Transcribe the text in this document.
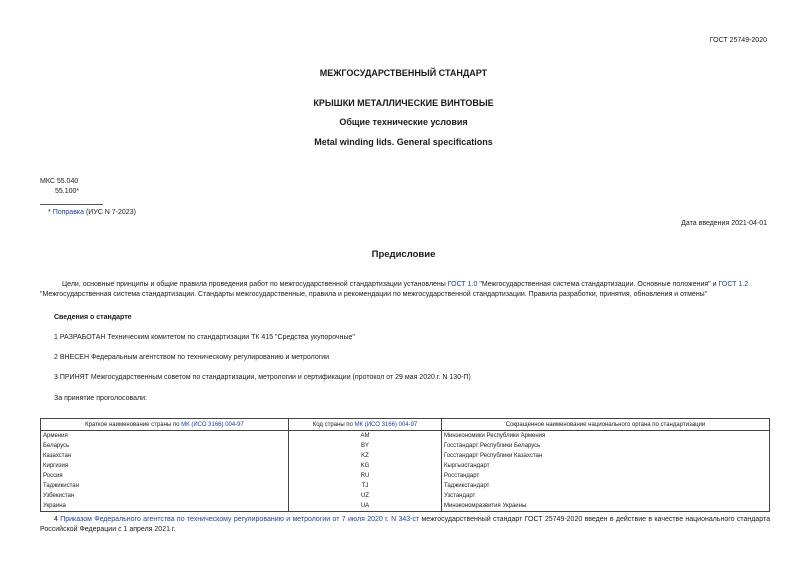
ГОСТ 25749-2020
МЕЖГОСУДАРСТВЕННЫЙ СТАНДАРТ
КРЫШКИ МЕТАЛЛИЧЕСКИЕ ВИНТОВЫЕ
Общие технические условия
Metal winding lids. General specifications
МКС 55.040
55.100*
* Поправка (ИУС N 7-2023)
Дата введения 2021-04-01
Предисловие
Цели, основные принципы и общие правила проведения работ по межгосударственной стандартизации установлены ГОСТ 1.0 "Межгосударственная система стандартизации. Основные положения" и ГОСТ 1.2 "Межгосударственная система стандартизации. Стандарты межгосударственные, правила и рекомендации по межгосударственной стандартизации. Правила разработки, принятия, обновления и отмены"
Сведения о стандарте
1 РАЗРАБОТАН Техническим комитетом по стандартизации ТК 415 "Средства укупорочные"
2 ВНЕСЕН Федеральным агентством по техническому регулированию и метрологии
3 ПРИНЯТ Межгосударственным советом по стандартизации, метрологии и сертификации (протокол от 29 мая 2020 г. N 130-П)
За принятие проголосовали:
Краткое наименование страны по МК (ИСО 3166) 004-97	Код страны по МК (ИСО 3166) 004-97	Сокращенное наименование национального органа по стандартизации
Армения	AM	Минэкономики Республики Армения
Беларусь	BY	Госстандарт Республики Беларусь
Казахстан	KZ	Госстандарт Республики Казахстан
Киргизия	KG	Кыргызстандарт
Россия	RU	Росстандарт
Таджикистан	TJ	Таджикстандарт
Узбекистан	UZ	Узстандарт
Украина	UA	Минэкономразвития Украины
4 Приказом Федерального агентства по техническому регулированию и метрологии от 7 июля 2020 г. N 343-ст межгосударственный стандарт ГОСТ 25749-2020 введен в действие в качестве национального стандарта Российской Федерации с 1 апреля 2021 г.
